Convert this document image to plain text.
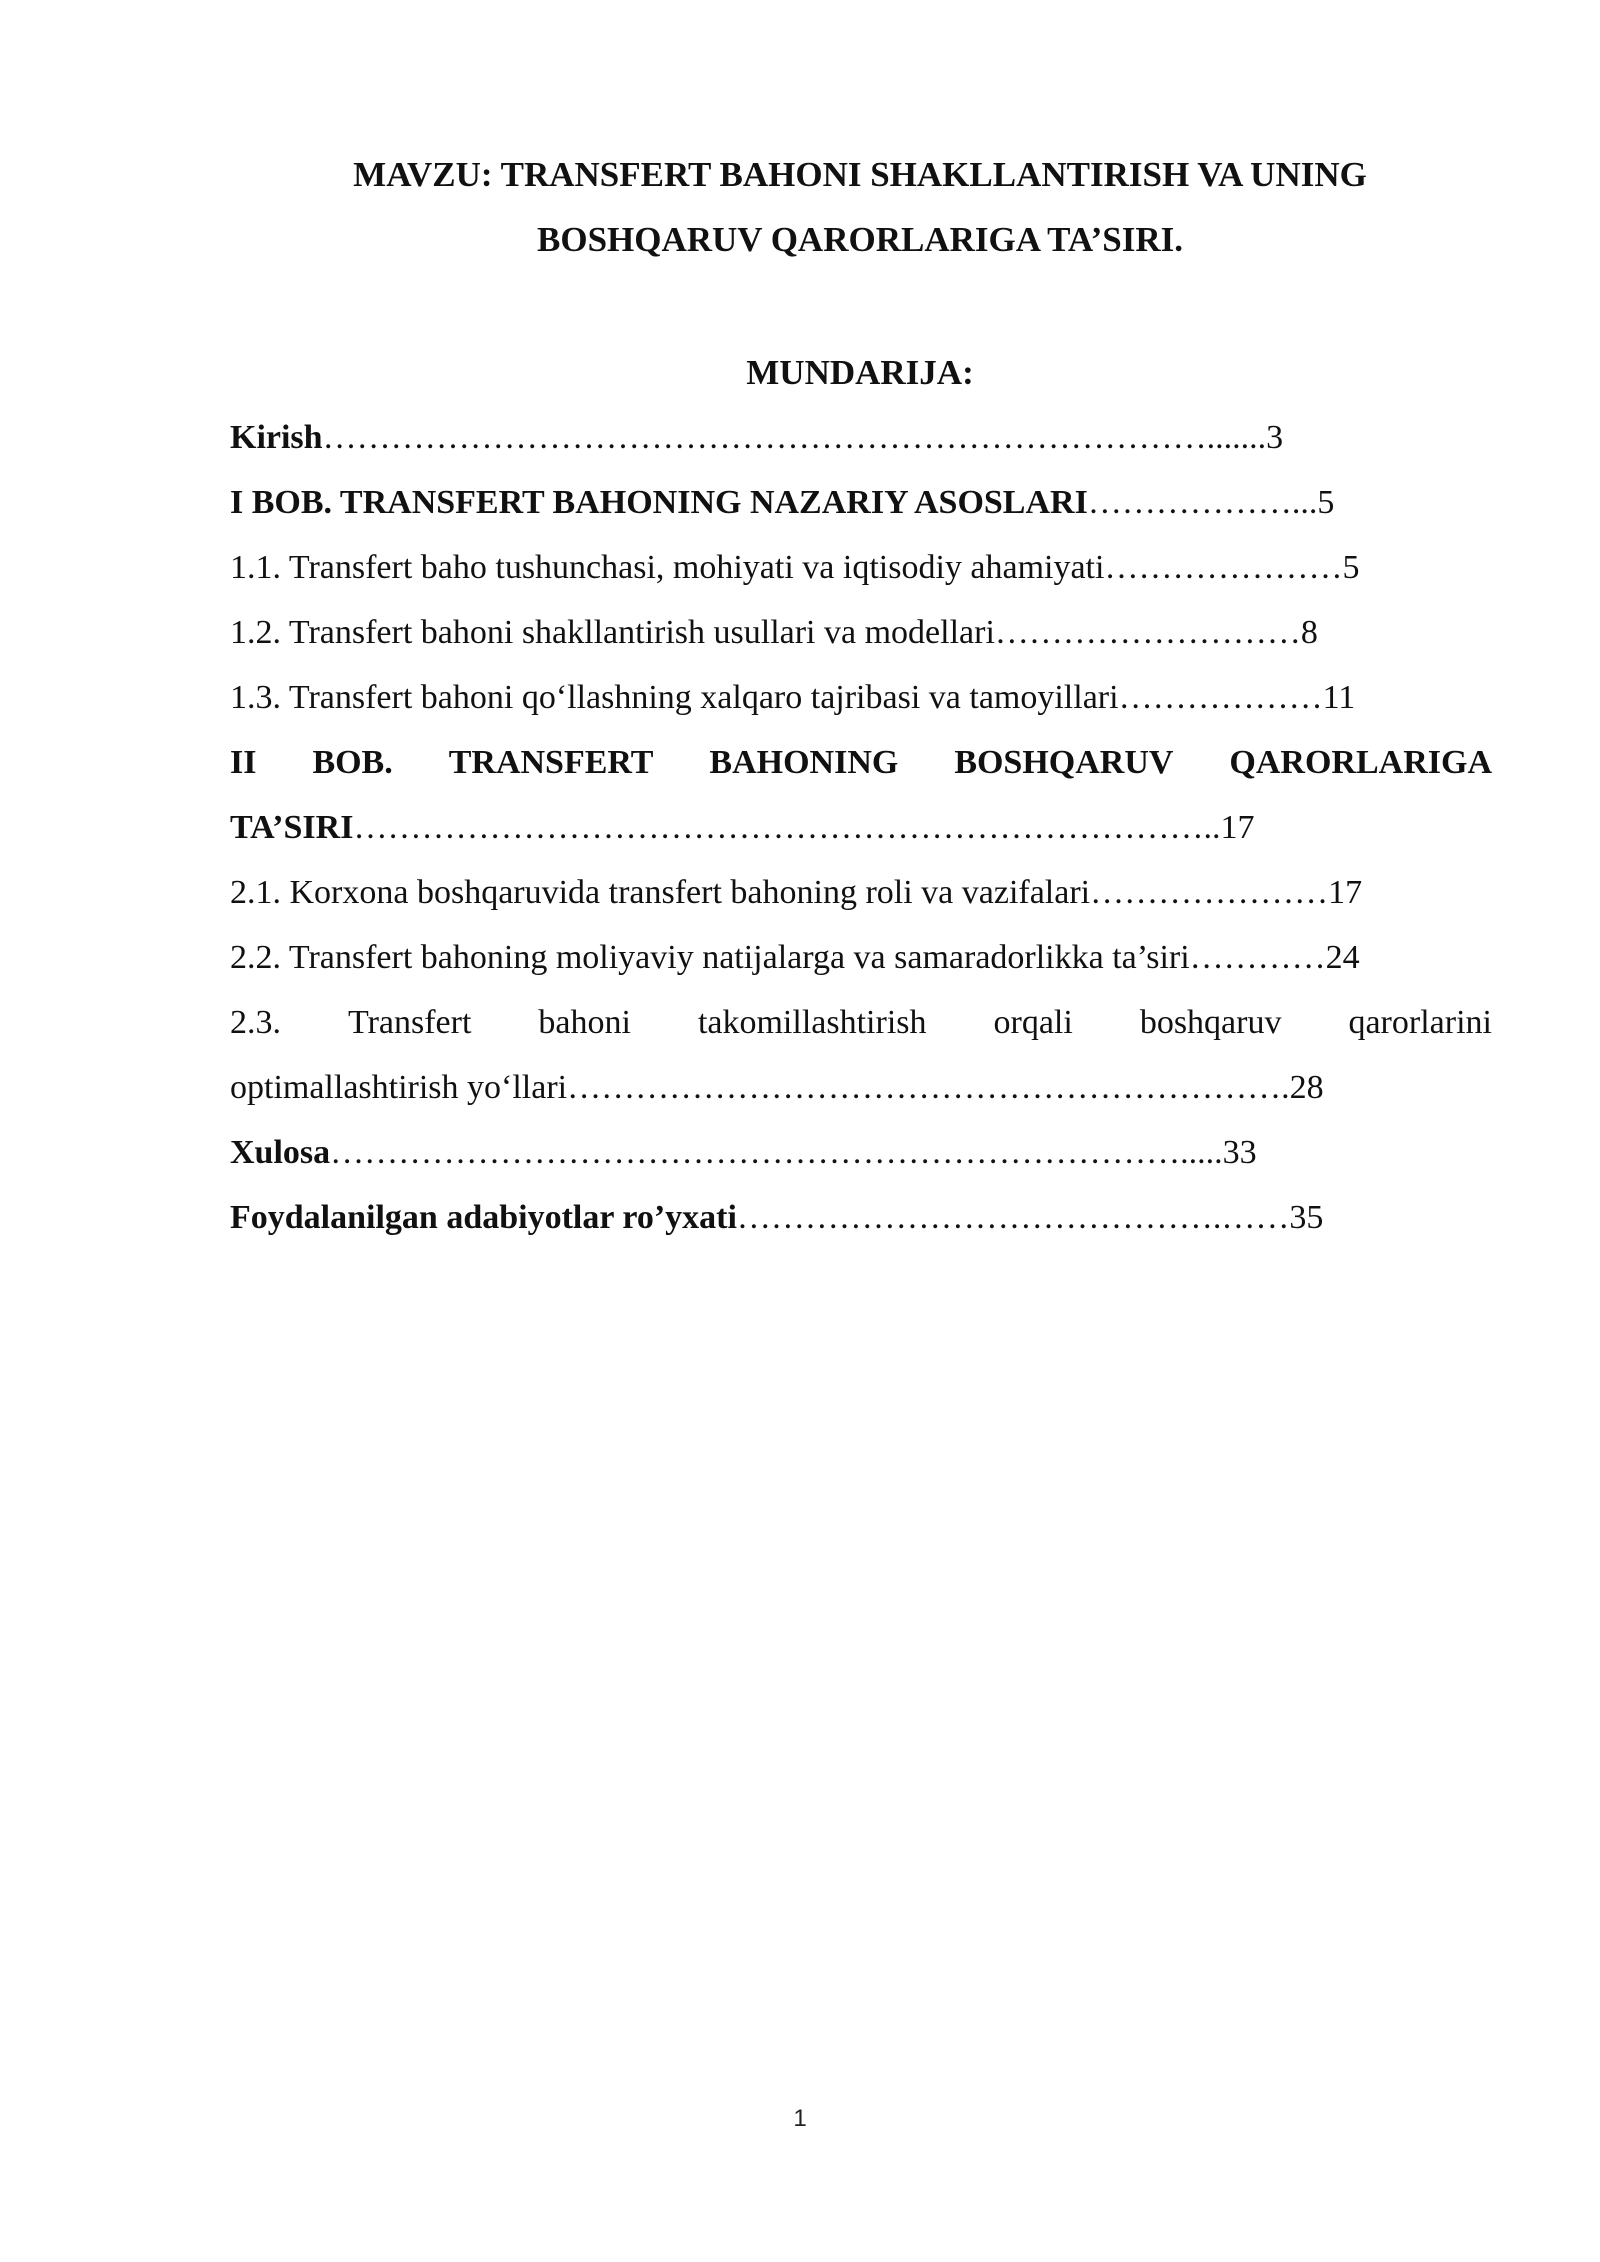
MAVZU: TRANSFERT BAHONI SHAKLLANTIRISH VA UNING
BOSHQARUV QARORLARIGA TA’SIRI.
MUNDARIJA:
Kirish…………………………………………………………………….......3
I BOB. TRANSFERT BAHONING NAZARIY ASOSLARI………………...5
1.1. Transfert baho tushunchasi, mohiyati va iqtisodiy ahamiyati…………………5
1.2. Transfert bahoni shakllantirish usullari va modellari………………………8
1.3. Transfert bahoni qo‘llashning xalqaro tajribasi va tamoyillari………………11
II BOB. TRANSFERT BAHONING BOSHQARUV QARORLARIGA
TA’SIRI…………………………………………………………………..17
2.1. Korxona boshqaruvida transfert bahoning roli va vazifalari…………………17
2.2. Transfert bahoning moliyaviy natijalarga va samaradorlikka ta’siri…………24
2.3. Transfert bahoni takomillashtirish orqali boshqaruv qarorlarini
optimallashtirish yo‘llari……………………………………………………….28
Xulosa………………………………………………………………….....33
Foydalanilgan adabiyotlar ro’yxati…………………………………….……35
1
